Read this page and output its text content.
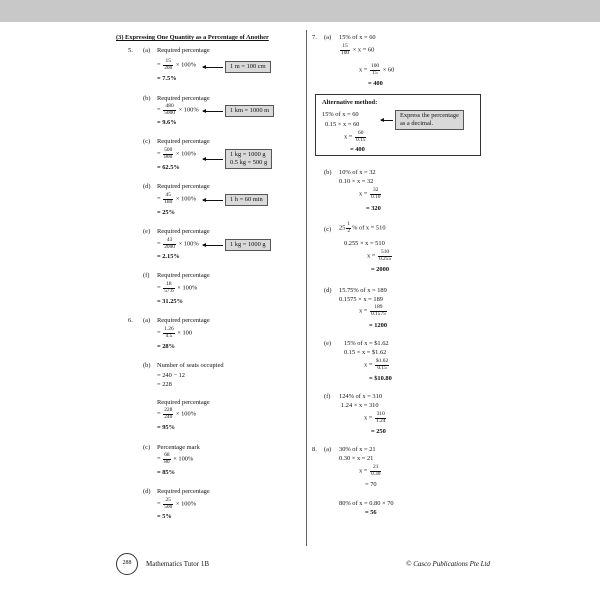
(3) Expressing One Quantity as a Percentage of Another
5. (a) Required percentage
= $\frac{15}{200} \times 100\%$
= 7.5%
1 m = 100 cm
(b) Required percentage
= $\frac{480}{5000} \times 100\%$
= 9.6%
1 km = 1000 m
(c) Required percentage
= $\frac{500}{800} \times 100\%$
= 62.5%
1 kg = 1000 g
0.5 kg = 500 g
(d) Required percentage
= $\frac{45}{180} \times 100\%$
= 25%
1 h = 60 min
(e) Required percentage
= $\frac{43}{2000} \times 100\%$
= 2.15%
1 kg = 1000 g
(f) Required percentage
= $\frac{18}{57.6} \times 100\%$
= 31.25%
6. (a) Required percentage
= $\frac{1.26}{4.5} \times 100$
= 28%
(b) Number of seats occupied
= 240 − 12
= 228
Required percentage
= $\frac{228}{240} \times 100\%$
= 95%
(c) Percentage mark
= $\frac{68}{80} \times 100\%$
= 85%
(d) Required percentage
= $\frac{25}{500} \times 100\%$
= 5%
7. (a) 15% of x = 60
$\frac{15}{100} \times x = 60$
$x = \frac{100}{15} \times 60$
= 400
Alternative method:
15% of x = 60
0.15 × x = 60
$x = \frac{60}{0.15}$
= 400
Express the percentage
as a decimal.
(b) 10% of x = 32
0.10 × x = 32
$x = \frac{32}{0.10}$
= 320
(c) $25 \frac{1}{2}$ % of x = 510
0.255 × x = 510
$x = \frac{510}{0.255}$
= 2000
(d) 15.75% of x = 189
0.1575 × x = 189
$x = \frac{189}{0.1575}$
= 1200
(e) 15% of x = $1.62
0.15 × x = $1.62
$x = \frac{\$1.62}{0.15}$
= $10.80
(f) 124% of x = 310
1.24 × x = 310
$x = \frac{310}{1.24}$
= 250
8. (a) 30% of x = 21
0.30 × x = 21
$x = \frac{21}{0.30}$
= 70
80% of x = 0.80 × 70
= 56
288 Mathematics Tutor 1B	© Casco Publications Pte Ltd
